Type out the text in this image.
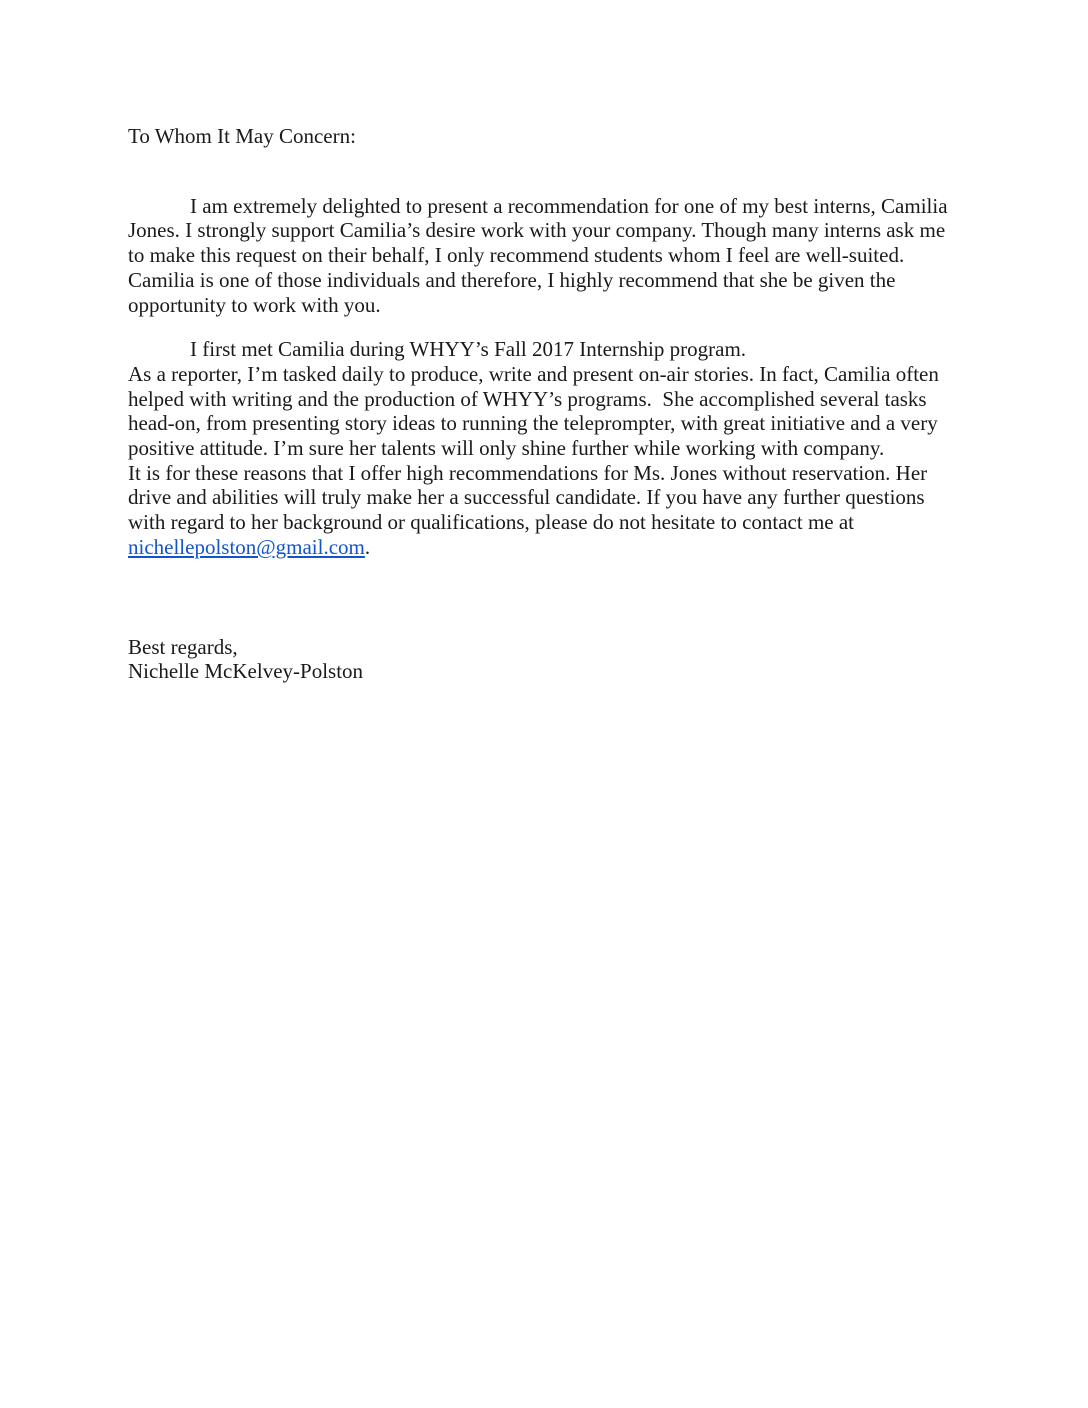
To Whom It May Concern:

I am extremely delighted to present a recommendation for one of my best interns, Camilia Jones. I strongly support Camilia’s desire work with your company. Though many interns ask me to make this request on their behalf, I only recommend students whom I feel are well-suited. Camilia is one of those individuals and therefore, I highly recommend that she be given the opportunity to work with you.

I first met Camilia during WHYY’s Fall 2017 Internship program.
As a reporter, I’m tasked daily to produce, write and present on-air stories. In fact, Camilia often helped with writing and the production of WHYY’s programs.  She accomplished several tasks head-on, from presenting story ideas to running the teleprompter, with great initiative and a very positive attitude. I’m sure her talents will only shine further while working with company.
It is for these reasons that I offer high recommendations for Ms. Jones without reservation. Her drive and abilities will truly make her a successful candidate. If you have any further questions with regard to her background or qualifications, please do not hesitate to contact me at nichellepolston@gmail.com.

Best regards,

Nichelle McKelvey-Polston
